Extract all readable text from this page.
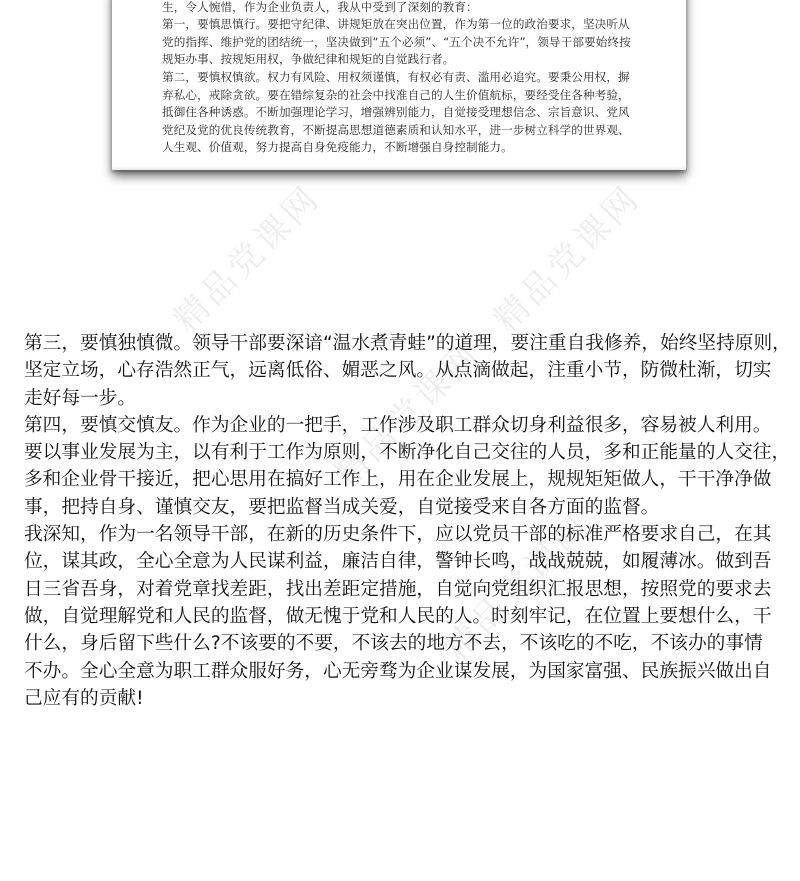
生，令人惋惜，作为企业负责人，我从中受到了深刻的教育：
第一，要慎思慎行。要把守纪律、讲规矩放在突出位置，作为第一位的政治要求，坚决听从
党的指挥、维护党的团结统一，坚决做到“五个必须”、“五个决不允许”，领导干部要始终按
规矩办事、按规矩用权，争做纪律和规矩的自觉践行者。
第二，要慎权慎欲。权力有风险、用权须谨慎，有权必有责、滥用必追究。要秉公用权，摒
弃私心，戒除贪欲。要在错综复杂的社会中找准自己的人生价值航标，要经受住各种考验，
抵御住各种诱惑。不断加强理论学习，增强辨别能力，自觉接受理想信念、宗旨意识、党风
党纪及党的优良传统教育，不断提高思想道德素质和认知水平，进一步树立科学的世界观、
人生观、价值观，努力提高自身免疫能力，不断增强自身控制能力。
精品党课网	精品党课网
精品党课网
精品党课网

第三，要慎独慎微。领导干部要深谙“温水煮青蛙”的道理，要注重自我修养，始终坚持原则，

坚定立场，心存浩然正气，远离低俗、媚恶之风。从点滴做起，注重小节，防微杜渐，切实

走好每一步。

第四，要慎交慎友。作为企业的一把手，工作涉及职工群众切身利益很多，容易被人利用。

要以事业发展为主，以有利于工作为原则，不断净化自己交往的人员，多和正能量的人交往，

多和企业骨干接近，把心思用在搞好工作上，用在企业发展上，规规矩矩做人，干干净净做

事，把持自身、谨慎交友，要把监督当成关爱，自觉接受来自各方面的监督。

我深知，作为一名领导干部，在新的历史条件下，应以党员干部的标准严格要求自己，在其

位，谋其政，全心全意为人民谋利益，廉洁自律，警钟长鸣，战战兢兢，如履薄冰。做到吾

日三省吾身，对着党章找差距，找出差距定措施，自觉向党组织汇报思想，按照党的要求去

做，自觉理解党和人民的监督，做无愧于党和人民的人。时刻牢记，在位置上要想什么，干

什么，身后留下些什么?不该要的不要，不该去的地方不去，不该吃的不吃，不该办的事情

不办。全心全意为职工群众服好务，心无旁骛为企业谋发展，为国家富强、民族振兴做出自

己应有的贡献!
